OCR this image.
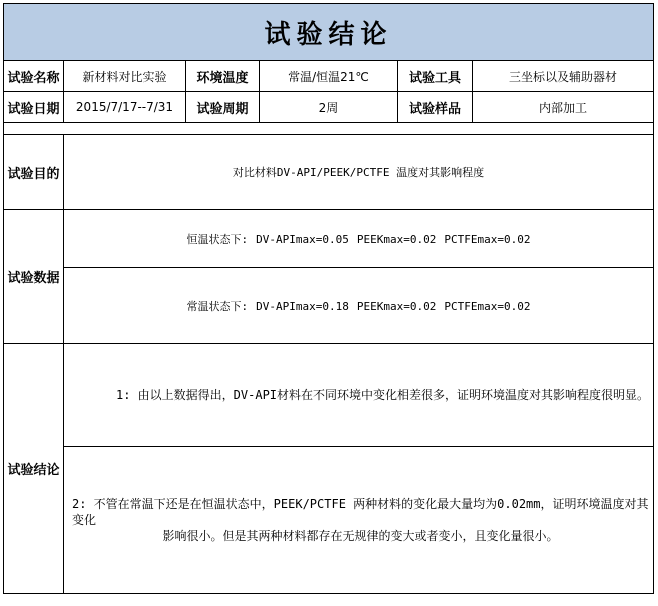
试验结论					
试验名称	新材料对比实验	环境温度	常温/恒温21℃	试验工具	三坐标以及辅助器材
试验日期	2015/7/17--7/31	试验周期	2周	试验样品	内部加工

试验目的	对比材料DV-API/PEEK/PCTFE 温度对其影响程度				
试验数据	恒温状态下: DV-APImax=0.05 PEEKmax=0.02 PCTFEmax=0.02				
	常温状态下: DV-APImax=0.18 PEEKmax=0.02 PCTFEmax=0.02				
试验结论	1: 由以上数据得出，DV-API材料在不同环境中变化相差很多，证明环境温度对其影响程度很明显。				
	2: 不管在常温下还是在恒温状态中，PEEK/PCTFE 两种材料的变化最大量均为0.02mm，证明环境温度对其变化
影响很小。但是其两种材料都存在无规律的变大或者变小，且变化量很小。				
